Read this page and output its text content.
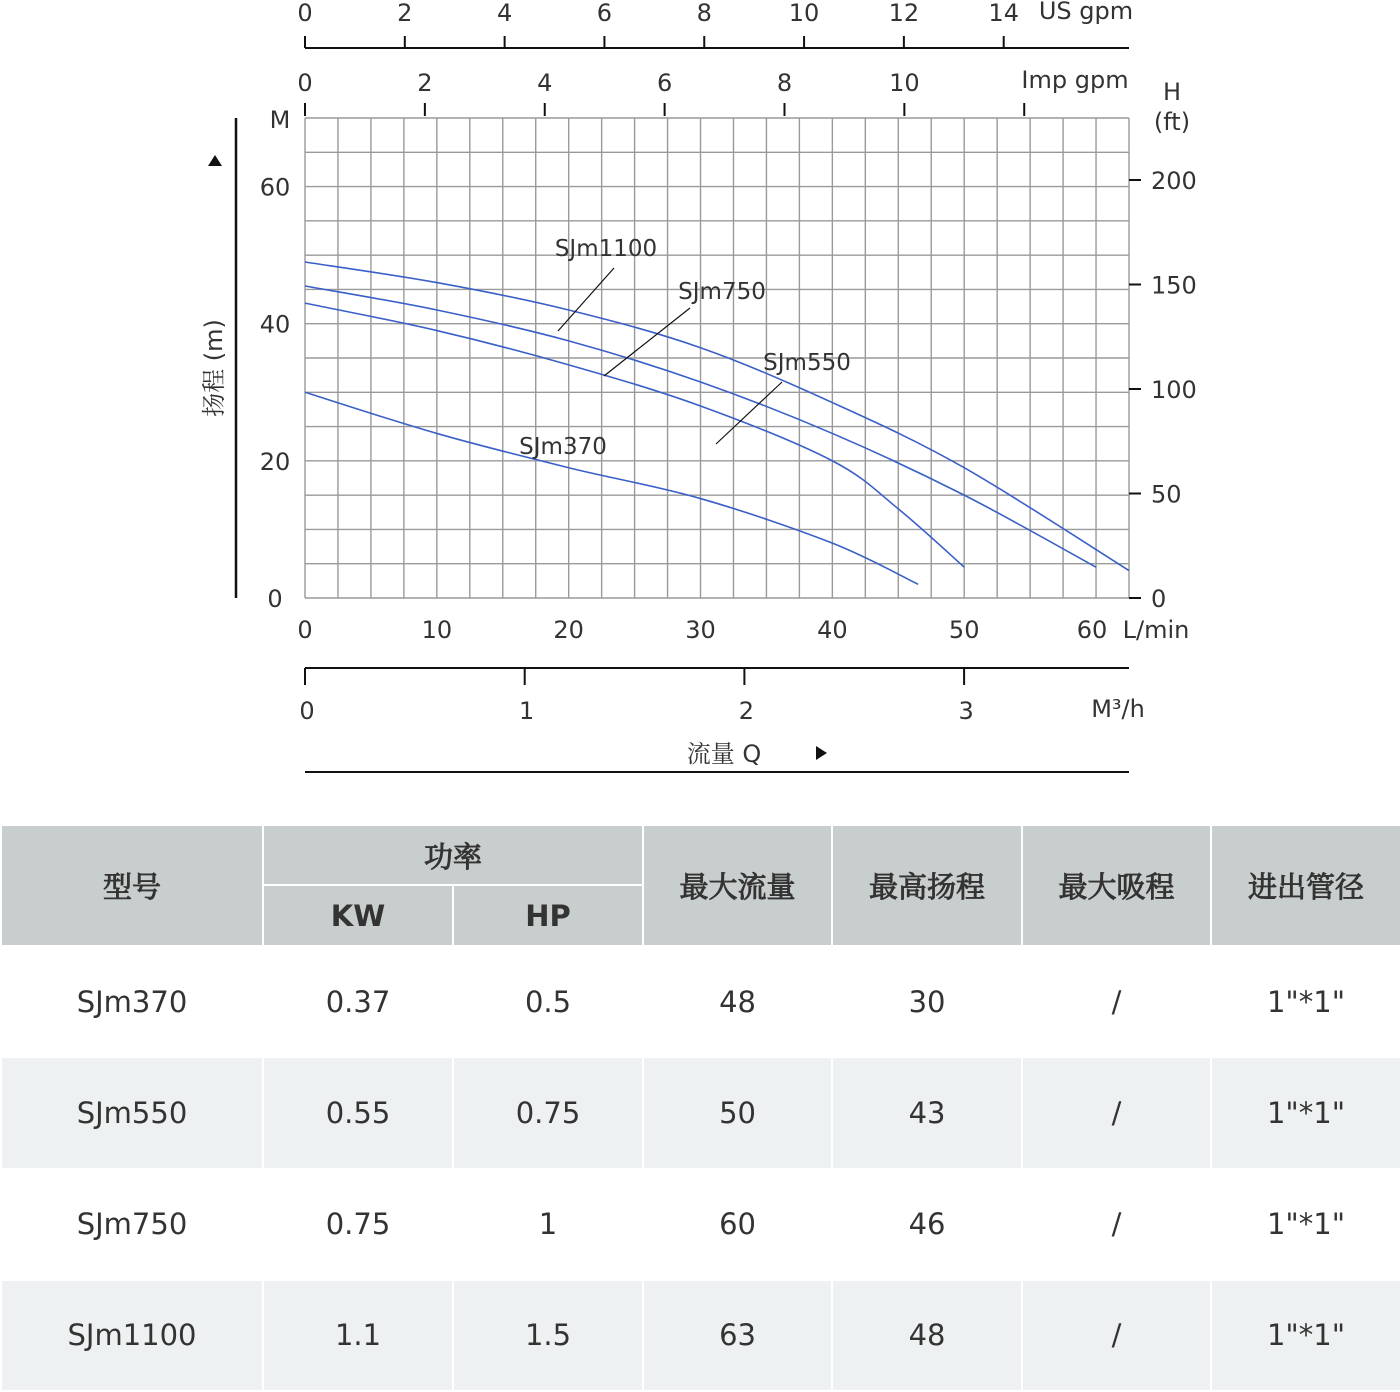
0	10	20	30	40	50	60
0
20
40
60
0
50
100
150
200
0	2	4	6	8	10	12	14
0	2	4	6	8	10
0	1	2	3
M
H
(ft)
L/min
US gpm
Imp gpm
M³/h
流量 Q
扬程 (m)
SJm1100
SJm750
SJm550
SJm370
型号	功率		最大流量	最高扬程	最大吸程	进出管径
	KW	HP				
SJm370	0.37	0.5	48	30	/	1"*1"
SJm550	0.55	0.75	50	43	/	1"*1"
SJm750	0.75	1	60	46	/	1"*1"
SJm1100	1.1	1.5	63	48	/	1"*1"
